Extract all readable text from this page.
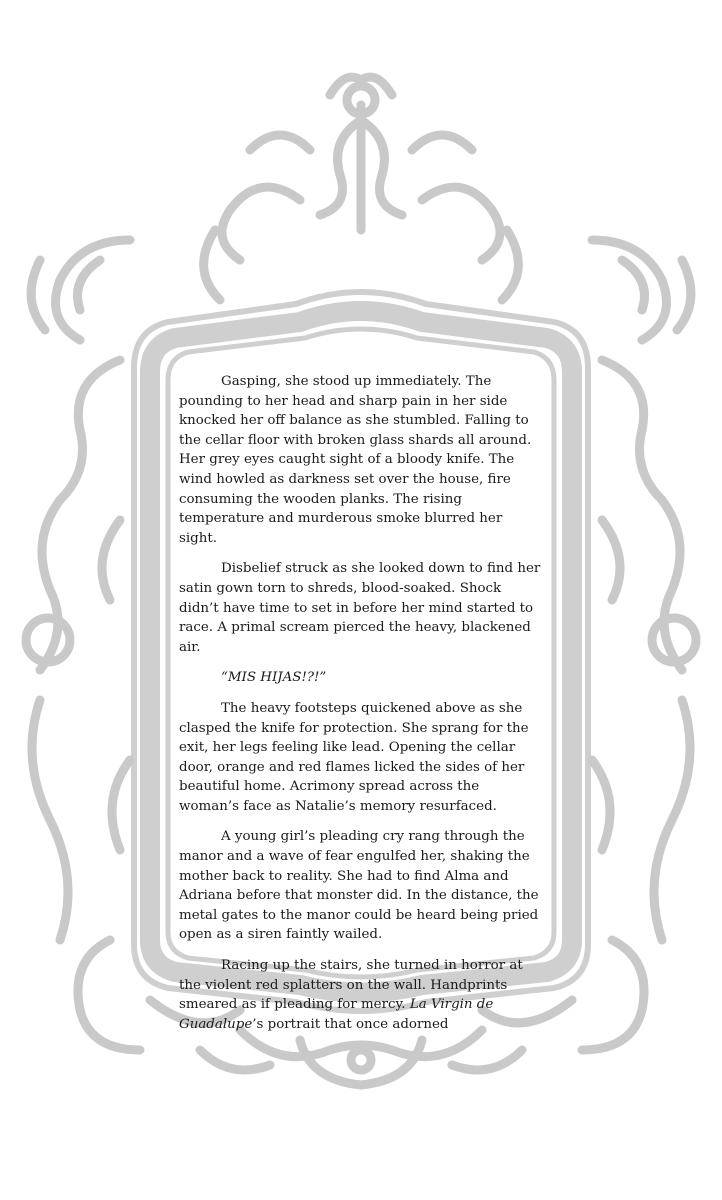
Gasping, she stood up immediately. The pounding to her head and sharp pain in her side knocked her off balance as she stumbled. Falling to the cellar floor with broken glass shards all around. Her grey eyes caught sight of a bloody knife. The wind howled as darkness set over the house, fire consuming the wooden planks. The rising temperature and murderous smoke blurred her sight.

Disbelief struck as she looked down to find her satin gown torn to shreds, blood-soaked. Shock didn’t have time to set in before her mind started to race. A primal scream pierced the heavy, blackened air.

“MIS HIJAS!?!”

The heavy footsteps quickened above as she clasped the knife for protection. She sprang for the exit, her legs feeling like lead. Opening the cellar door, orange and red flames licked the sides of her beautiful home. Acrimony spread across the woman’s face as Natalie’s memory resurfaced.

A young girl’s pleading cry rang through the manor and a wave of fear engulfed her, shaking the mother back to reality. She had to find Alma and Adriana before that monster did. In the distance, the metal gates to the manor could be heard being pried open as a siren faintly wailed.

Racing up the stairs, she turned in horror at the violent red splatters on the wall. Handprints smeared as if pleading for mercy. La Virgin de Guadalupe’s portrait that once adorned
